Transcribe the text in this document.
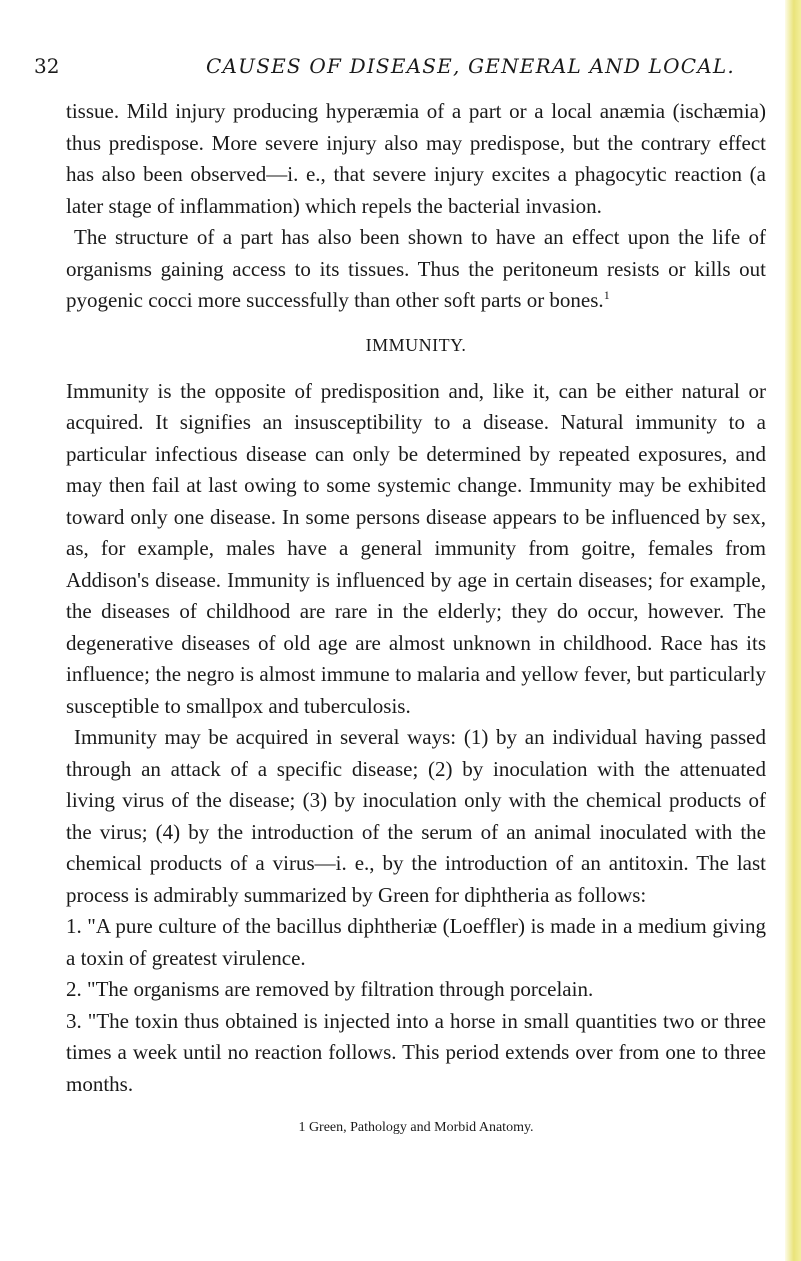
32	CAUSES OF DISEASE, GENERAL AND LOCAL.

tissue. Mild injury producing hyperæmia of a part or a local anæmia (ischæmia) thus predispose. More severe injury also may predispose, but the contrary effect has also been observed—i. e., that severe injury excites a phagocytic reaction (a later stage of inflammation) which repels the bacterial invasion.

The structure of a part has also been shown to have an effect upon the life of organisms gaining access to its tissues. Thus the peritoneum resists or kills out pyogenic cocci more successfully than other soft parts or bones.$^1$

IMMUNITY.

Immunity is the opposite of predisposition and, like it, can be either natural or acquired. It signifies an insusceptibility to a disease. Natural immunity to a particular infectious disease can only be determined by repeated exposures, and may then fail at last owing to some systemic change. Immunity may be exhibited toward only one disease. In some persons disease appears to be influenced by sex, as, for example, males have a general immunity from goitre, females from Addison's disease. Immunity is influenced by age in certain diseases; for example, the diseases of childhood are rare in the elderly; they do occur, however. The degenerative diseases of old age are almost unknown in childhood. Race has its influence; the negro is almost immune to malaria and yellow fever, but particularly susceptible to smallpox and tuberculosis.

Immunity may be acquired in several ways: (1) by an individual having passed through an attack of a specific disease; (2) by inoculation with the attenuated living virus of the disease; (3) by inoculation only with the chemical products of the virus; (4) by the introduction of the serum of an animal inoculated with the chemical products of a virus—i. e., by the introduction of an antitoxin. The last process is admirably summarized by Green for diphtheria as follows:

1. "A pure culture of the bacillus diphtheriæ (Loeffler) is made in a medium giving a toxin of greatest virulence.

2. "The organisms are removed by filtration through porcelain.

3. "The toxin thus obtained is injected into a horse in small quantities two or three times a week until no reaction follows. This period extends over from one to three months.

1 Green, Pathology and Morbid Anatomy.
